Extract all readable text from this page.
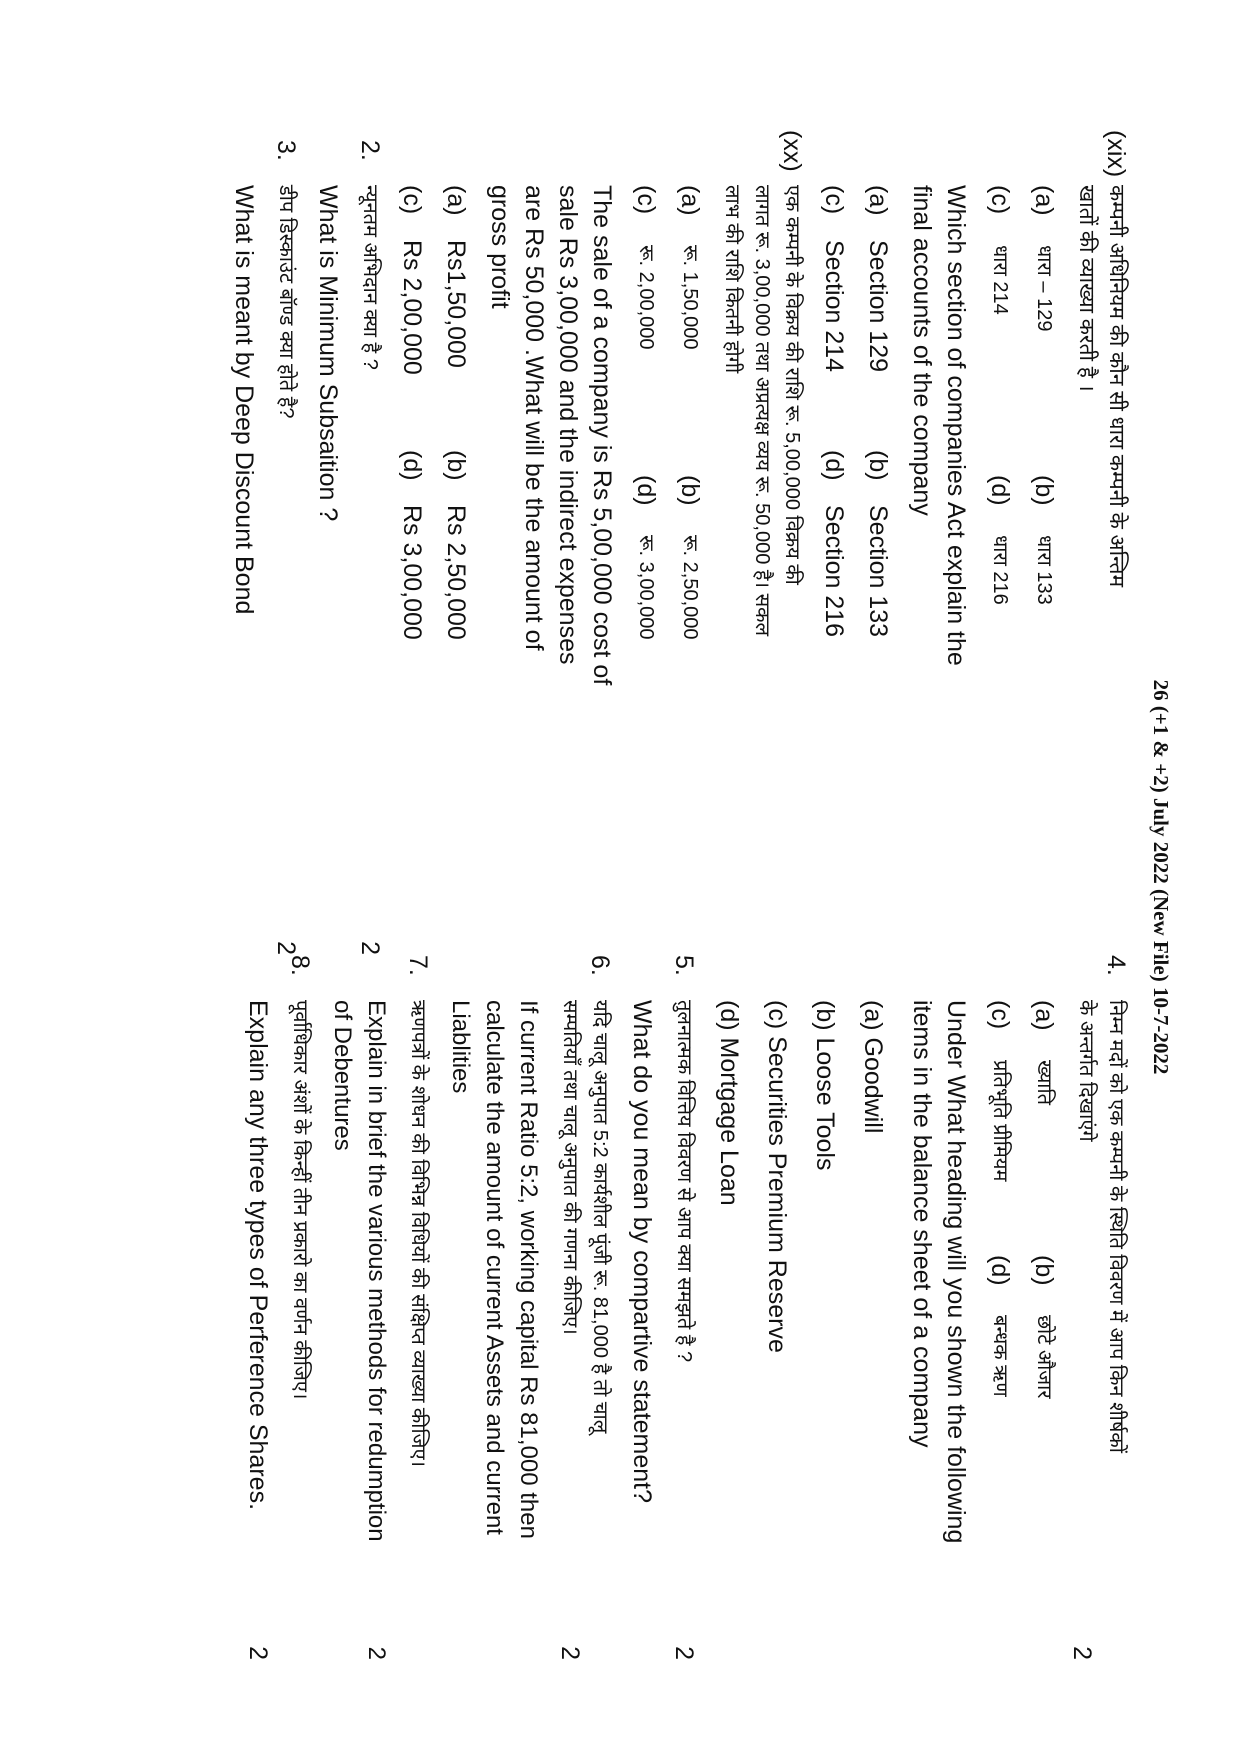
26 (+1 & +2) July 2022 (New File) 10-7-2022
(xix)
कम्पनी अधिनियम की कौन सी धारा कम्पनी के अन्तिम
खातों की व्याख्या करती है ।
(a)
धारा – 129
(b)
धारा 133
(c)
धारा 214
(d)
धारा 216
Which section of companies Act explain the
final accounts of the company
(a)
Section 129
(b)
Section 133
(c)
Section 214
(d)
Section 216
(xx)
एक कम्पनी के विक्रय की राशि रू. 5,00,000 विक्रय की
लागत रू. 3,00,000 तथा अप्रत्यक्ष व्यय रू. 50,000 है। सकल
लाभ की राशि कितनी होगी
(a)
रू. 1,50,000
(b)
रू. 2,50,000
(c)
रू. 2,00,000
(d)
रू. 3,00,000
The sale of a company is Rs 5,00,000 cost of
sale Rs 3,00,000 and the indirect expenses
are Rs 50,000 .What will be the amount of
gross profit
(a)
Rs1,50,000
(b)
Rs 2,50,000
(c)
Rs 2,00,000
(d)
Rs 3,00,000
2.
न्यूनतम अभिदान क्या है ?
2
What is Minimum Subsaition ?
3.
डीप डिस्काउंट बॉण्ड क्या होते है?
2
What is meant by Deep Discount Bond
4.
निम्न मदों को एक कम्पनी के स्थिति विवरण में आप किन शीर्षकों
के अन्तर्गत दिखाएंगे
2
(a)
ख्याति
(b)
छोटे औजार
(c)
प्रतिभूति प्रीमियम
(d)
बन्धक ऋण
Under What heading will you shown the following
items in the balance sheet of a company
(a) Goodwill
(b) Loose Tools
(c) Securities Premium Reserve
(d) Mortgage Loan
5.
तुलनात्मक वित्तिय विवरण से आप क्या समझते है ?
2
What do you mean by compartive statement?
6.
यदि चालू अनुपात 5:2 कार्यशील पूंजी रू. 81,000 है तो चालू
सम्पतियाँ तथा चालू अनुपात की गणना कीजिए।
2
If current Ratio 5:2, working capital Rs 81,000 then
calculate the amount of current Assets and current
Liablities
7.
ऋणपत्रों के शोधन की विभिन्न विधियों की संक्षिप्त व्याख्या कीजिए।
Explain in brief the various methods for redumption
of Debentures
2
8.
पूर्वाधिकार अंशों के किन्हीं तीन प्रकारो का वर्णन कीजिए।
Explain any three types of Perference Shares.
2
